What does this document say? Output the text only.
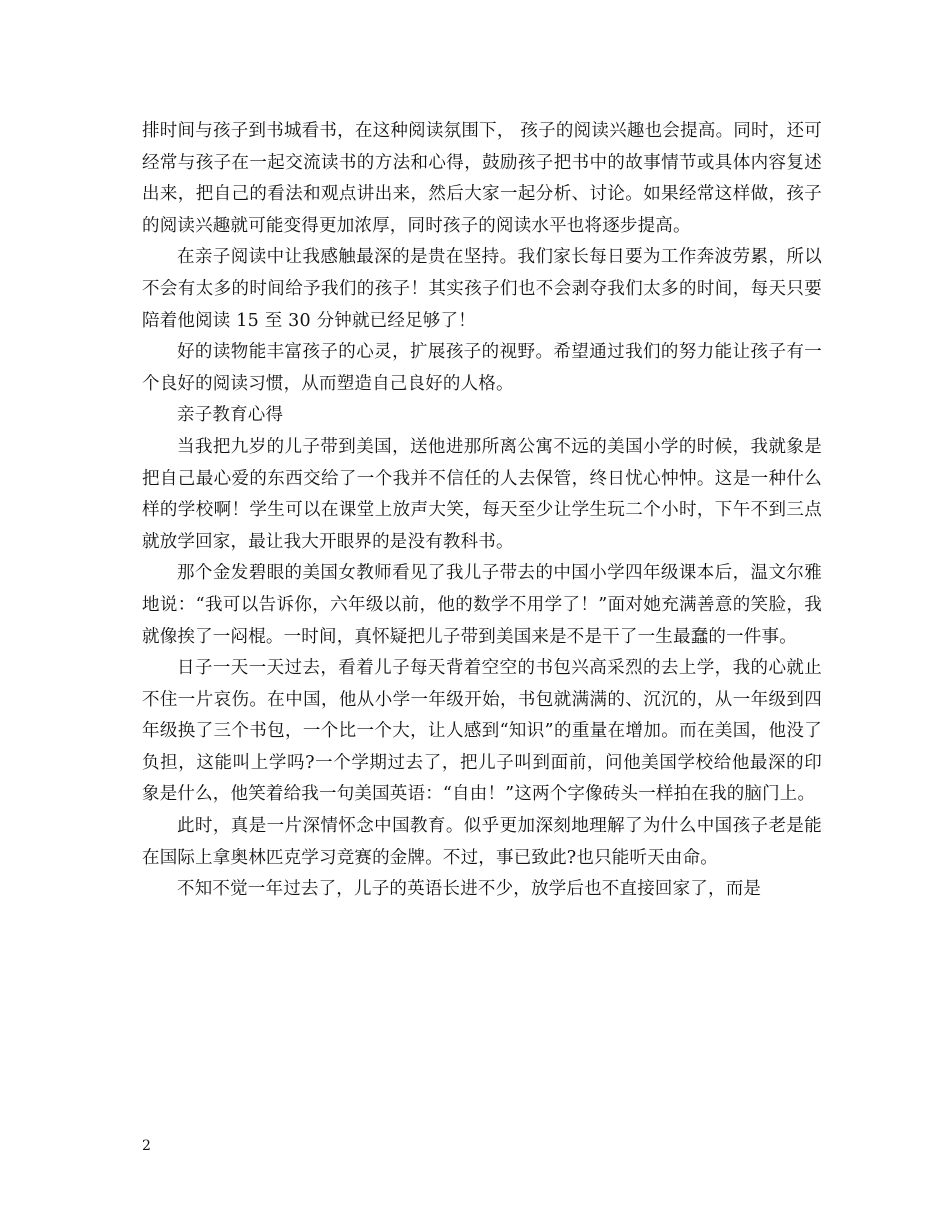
排时间与孩子到书城看书，在这种阅读氛围下， 孩子的阅读兴趣也会提高。同时，还可经常与孩子在一起交流读书的方法和心得，鼓励孩子把书中的故事情节或具体内容复述出来，把自己的看法和观点讲出来，然后大家一起分析、讨论。如果经常这样做，孩子的阅读兴趣就可能变得更加浓厚，同时孩子的阅读水平也将逐步提高。

在亲子阅读中让我感触最深的是贵在坚持。我们家长每日要为工作奔波劳累，所以不会有太多的时间给予我们的孩子！其实孩子们也不会剥夺我们太多的时间，每天只要陪着他阅读 15 至 30 分钟就已经足够了！

好的读物能丰富孩子的心灵，扩展孩子的视野。希望通过我们的努力能让孩子有一个良好的阅读习惯，从而塑造自己良好的人格。

亲子教育心得

当我把九岁的儿子带到美国，送他进那所离公寓不远的美国小学的时候，我就象是把自己最心爱的东西交给了一个我并不信任的人去保管，终日忧心忡忡。这是一种什么样的学校啊！学生可以在课堂上放声大笑，每天至少让学生玩二个小时，下午不到三点就放学回家，最让我大开眼界的是没有教科书。

那个金发碧眼的美国女教师看见了我儿子带去的中国小学四年级课本后，温文尔雅地说：“我可以告诉你，六年级以前，他的数学不用学了！”面对她充满善意的笑脸，我就像挨了一闷棍。一时间，真怀疑把儿子带到美国来是不是干了一生最蠢的一件事。

日子一天一天过去，看着儿子每天背着空空的书包兴高采烈的去上学，我的心就止不住一片哀伤。在中国，他从小学一年级开始，书包就满满的、沉沉的，从一年级到四年级换了三个书包，一个比一个大，让人感到“知识”的重量在增加。而在美国，他没了负担，这能叫上学吗?一个学期过去了，把儿子叫到面前，问他美国学校给他最深的印象是什么，他笑着给我一句美国英语：“自由！”这两个字像砖头一样拍在我的脑门上。

此时，真是一片深情怀念中国教育。似乎更加深刻地理解了为什么中国孩子老是能在国际上拿奥林匹克学习竞赛的金牌。不过，事已致此?也只能听天由命。

不知不觉一年过去了，儿子的英语长进不少，放学后也不直接回家了，而是

2
